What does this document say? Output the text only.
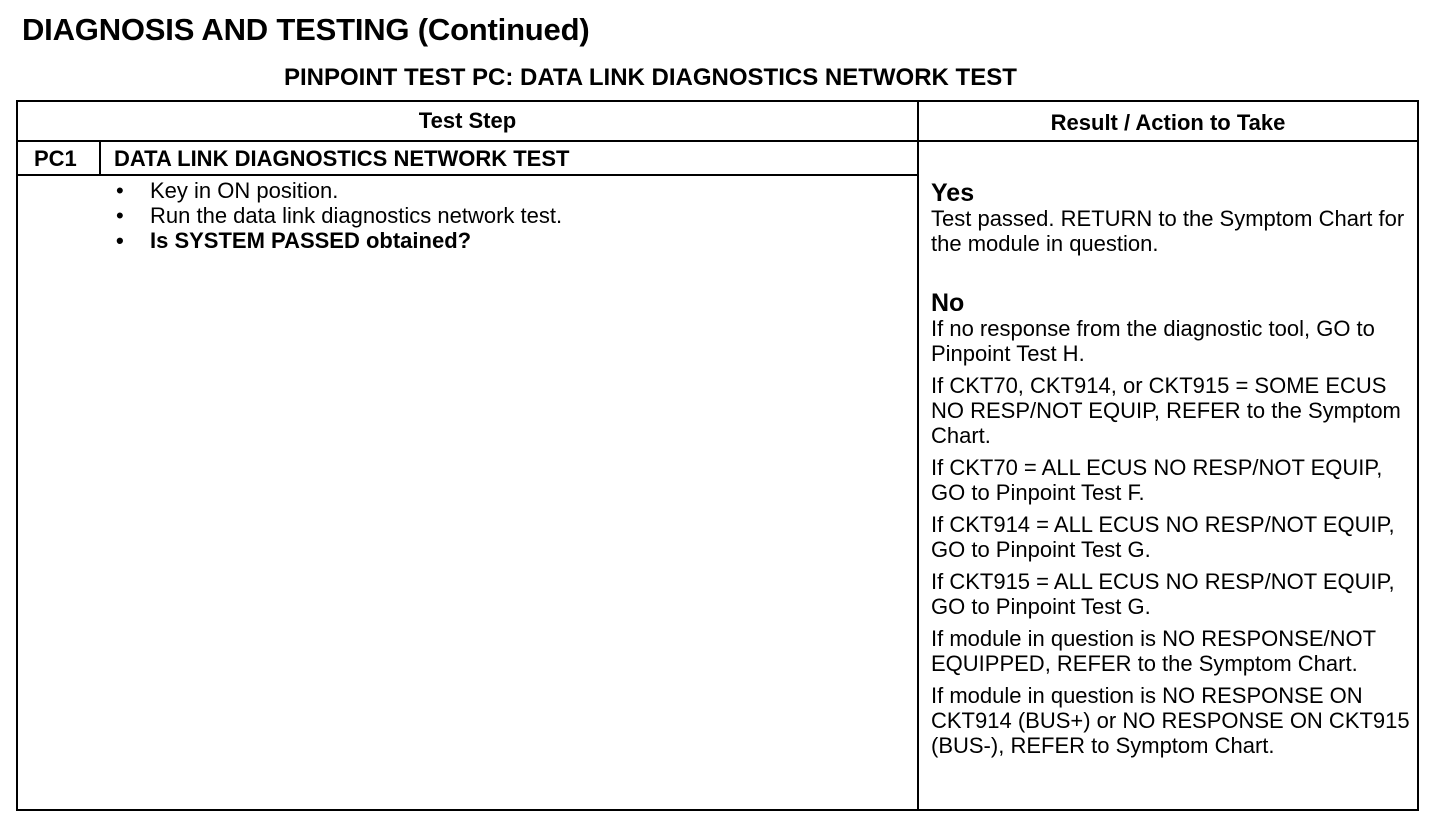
DIAGNOSIS AND TESTING (Continued)
PINPOINT TEST PC: DATA LINK DIAGNOSTICS NETWORK TEST
Test Step	Result / Action to Take
PC1 DATA LINK DIAGNOSTICS NETWORK TEST
• Key in ON position.
• Run the data link diagnostics network test.
• Is SYSTEM PASSED obtained?
Yes
Test passed. RETURN to the Symptom Chart for the module in question.
No
If no response from the diagnostic tool, GO to Pinpoint Test H.
If CKT70, CKT914, or CKT915 = SOME ECUS NO RESP/NOT EQUIP, REFER to the Symptom Chart.
If CKT70 = ALL ECUS NO RESP/NOT EQUIP, GO to Pinpoint Test F.
If CKT914 = ALL ECUS NO RESP/NOT EQUIP, GO to Pinpoint Test G.
If CKT915 = ALL ECUS NO RESP/NOT EQUIP, GO to Pinpoint Test G.
If module in question is NO RESPONSE/NOT EQUIPPED, REFER to the Symptom Chart.
If module in question is NO RESPONSE ON CKT914 (BUS+) or NO RESPONSE ON CKT915 (BUS-), REFER to Symptom Chart.
